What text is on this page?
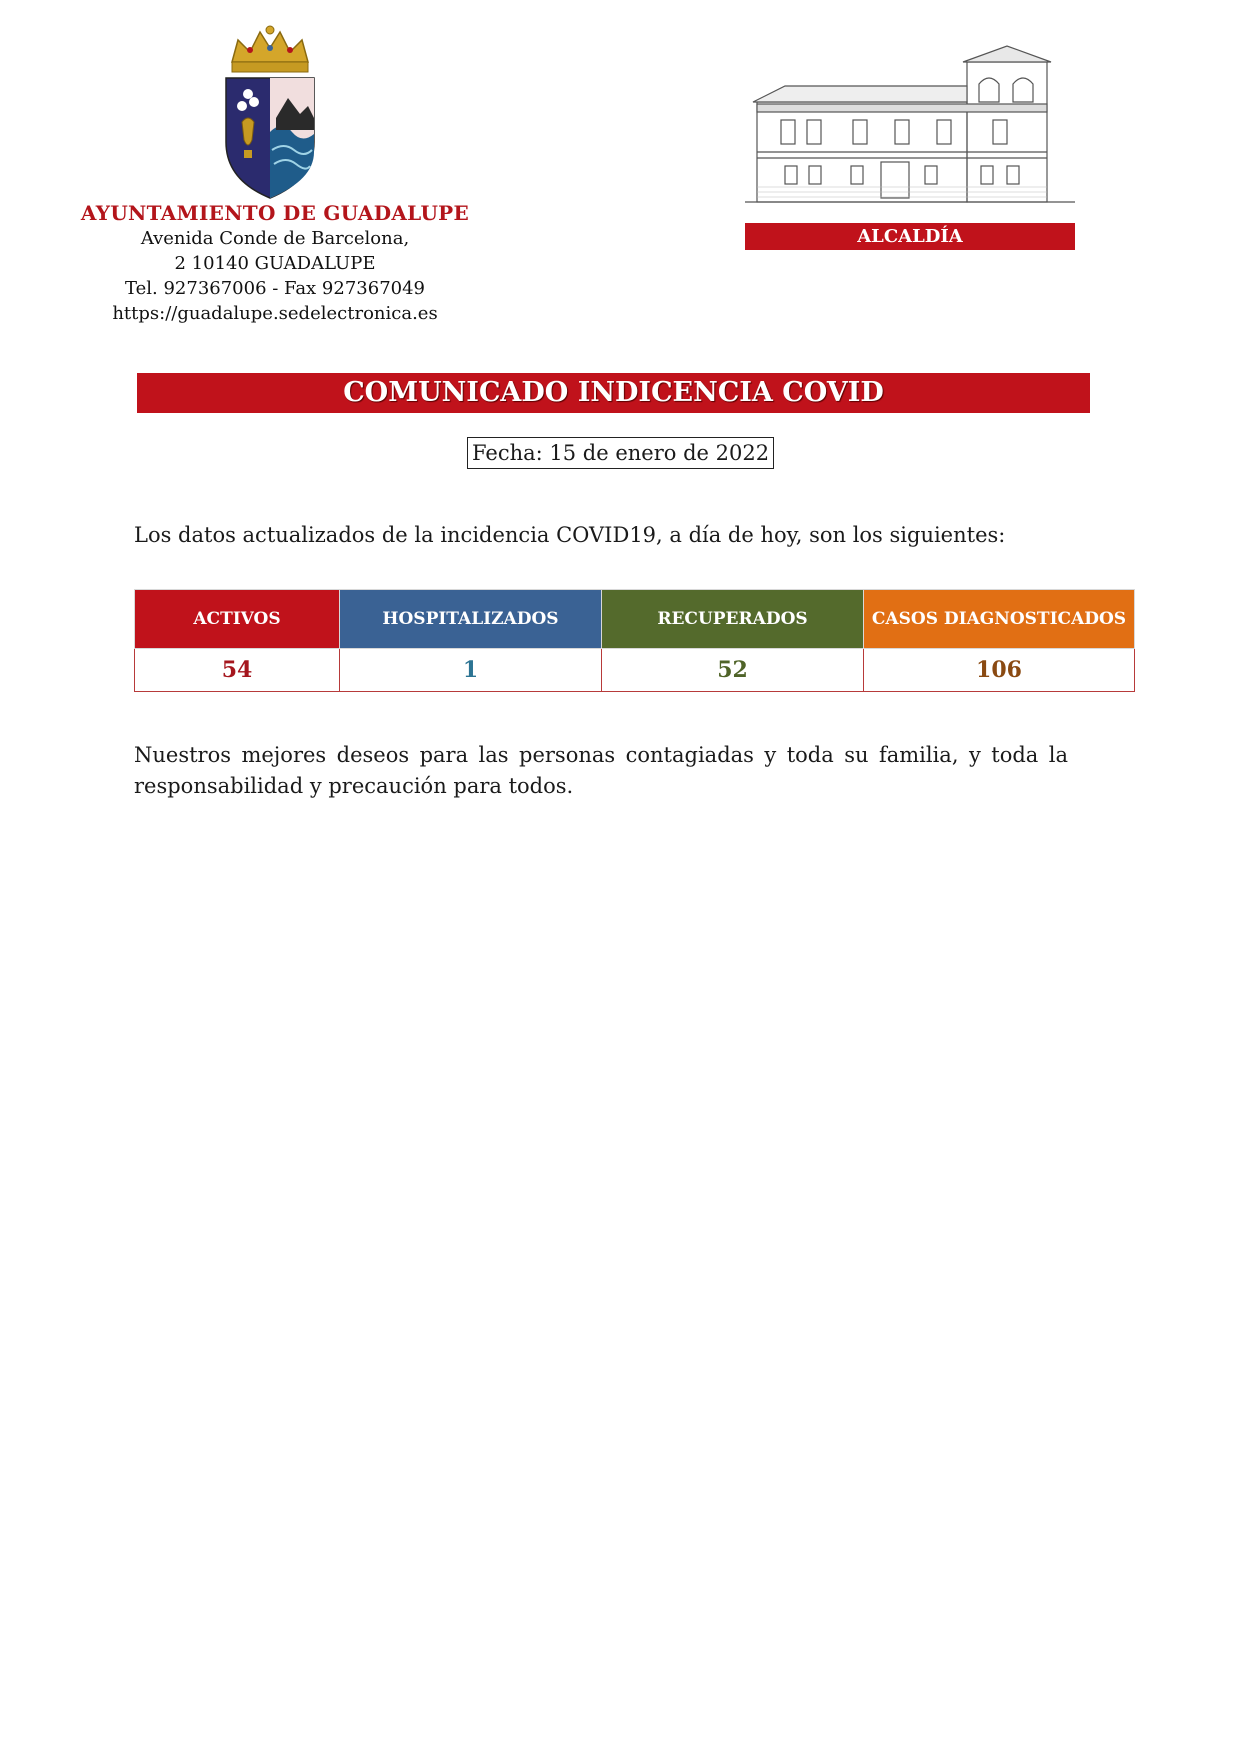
AYUNTAMIENTO DE GUADALUPE
Avenida Conde de Barcelona,
2 10140 GUADALUPE
Tel. 927367006 - Fax 927367049
https://guadalupe.sedelectronica.es
ALCALDÍA
COMUNICADO INDICENCIA COVID
Fecha: 15 de enero de 2022
Los datos actualizados de la incidencia COVID19, a día de hoy, son los siguientes:
ACTIVOS	HOSPITALIZADOS	RECUPERADOS	CASOS DIAGNOSTICADOS
54	1	52	106
Nuestros mejores deseos para las personas contagiadas y toda su familia, y toda la responsabilidad y precaución para todos.
